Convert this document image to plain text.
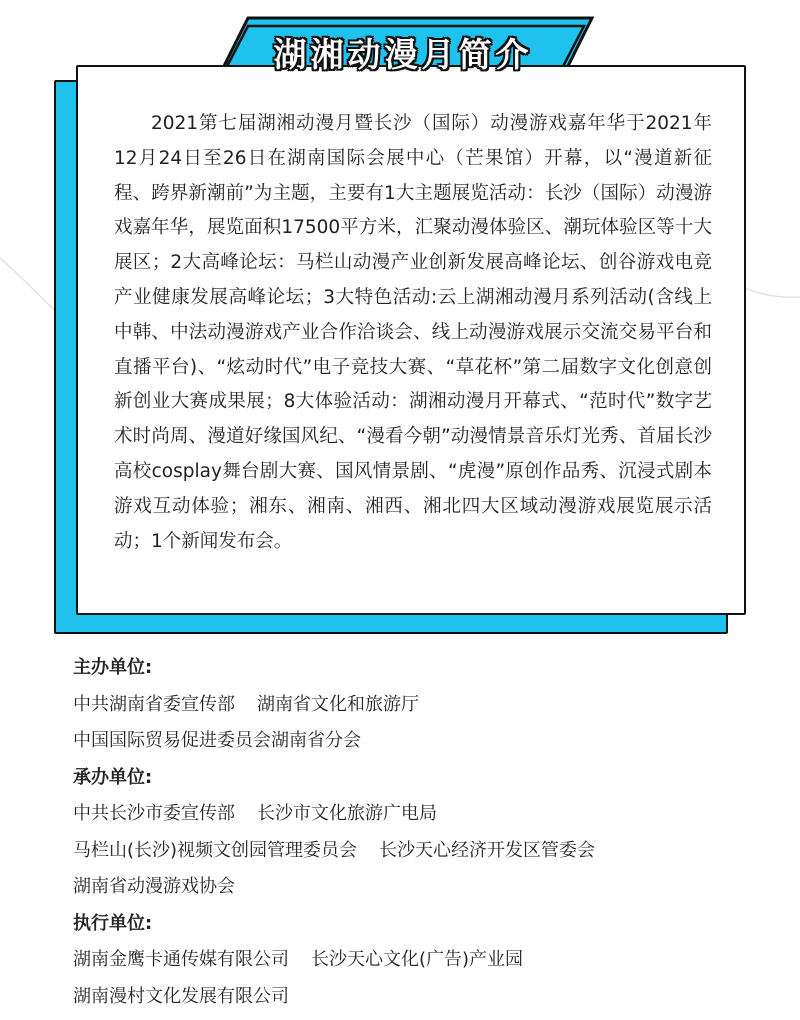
2021第七届湖湘动漫月暨长沙（国际）动漫游戏嘉年华于2021年12月24日至26日在湖南国际会展中心（芒果馆）开幕，以“漫道新征程、跨界新潮前”为主题，主要有1大主题展览活动：长沙（国际）动漫游戏嘉年华，展览面积17500平方米，汇聚动漫体验区、潮玩体验区等十大展区；2大高峰论坛：马栏山动漫产业创新发展高峰论坛、创谷游戏电竞产业健康发展高峰论坛；3大特色活动:云上湖湘动漫月系列活动(含线上中韩、中法动漫游戏产业合作洽谈会、线上动漫游戏展示交流交易平台和直播平台)、“炫动时代”电子竞技大赛、“草花杯”第二届数字文化创意创新创业大赛成果展；8大体验活动：湖湘动漫月开幕式、“范时代”数字艺术时尚周、漫道好缘国风纪、“漫看今朝”动漫情景音乐灯光秀、首届长沙高校cosplay舞台剧大赛、国风情景剧、“虎漫”原创作品秀、沉浸式剧本游戏互动体验；湘东、湘南、湘西、湘北四大区域动漫游戏展览展示活动；1个新闻发布会。

湖湘动漫月简介
主办单位:
中共湖南省委宣传部 湖南省文化和旅游厅
中国国际贸易促进委员会湖南省分会
承办单位:
中共长沙市委宣传部 长沙市文化旅游广电局
马栏山(长沙)视频文创园管理委员会 长沙天心经济开发区管委会
湖南省动漫游戏协会
执行单位:
湖南金鹰卡通传媒有限公司 长沙天心文化(广告)产业园
湖南漫村文化发展有限公司
